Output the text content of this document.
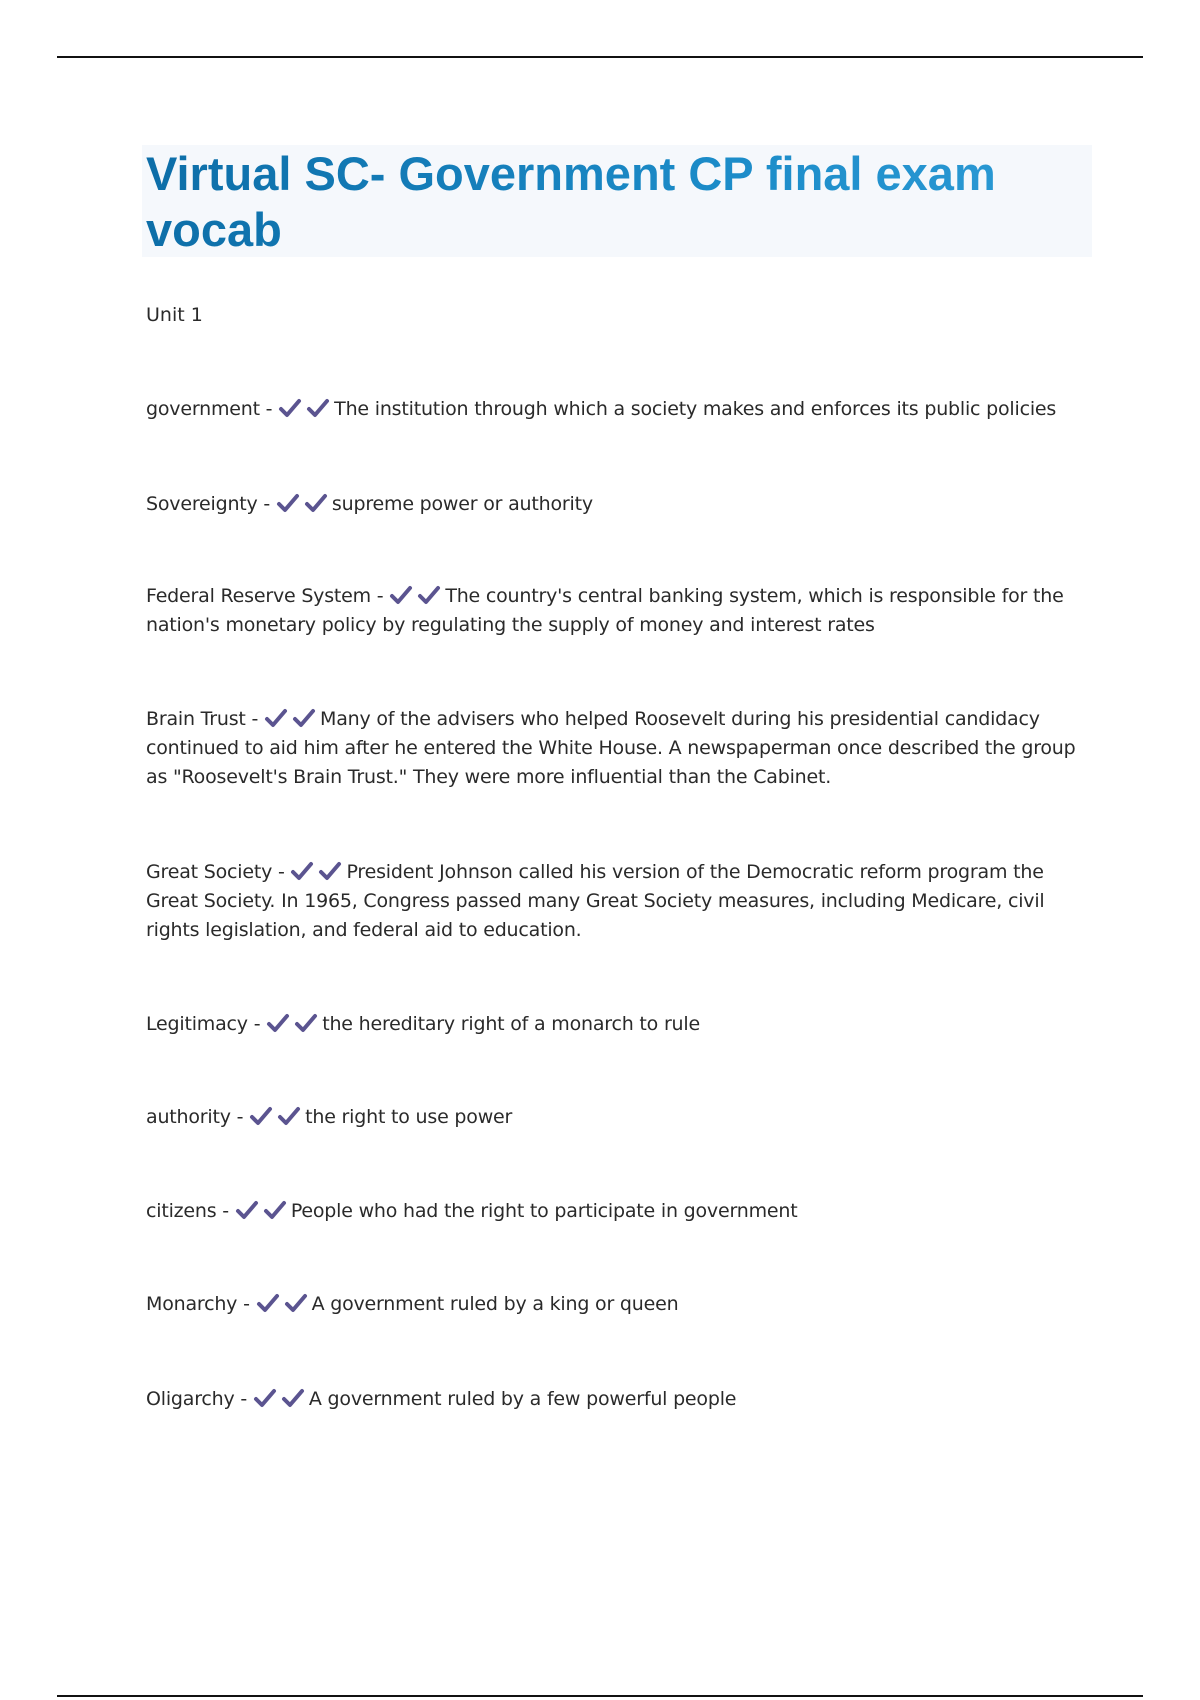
Virtual SC- Government CP final exam vocab
Unit 1
government -	The institution through which a society makes and enforces its public policies
Sovereignty -	supreme power or authority
Federal Reserve System -	The country's central banking system, which is responsible for the nation's monetary policy by regulating the supply of money and interest rates
Brain Trust -	Many of the advisers who helped Roosevelt during his presidential candidacy continued to aid him after he entered the White House. A newspaperman once described the group as "Roosevelt's Brain Trust." They were more influential than the Cabinet.
Great Society -	President Johnson called his version of the Democratic reform program the Great Society. In 1965, Congress passed many Great Society measures, including Medicare, civil rights legislation, and federal aid to education.
Legitimacy -	the hereditary right of a monarch to rule
authority -	the right to use power
citizens -	People who had the right to participate in government
Monarchy -	A government ruled by a king or queen
Oligarchy -	A government ruled by a few powerful people
